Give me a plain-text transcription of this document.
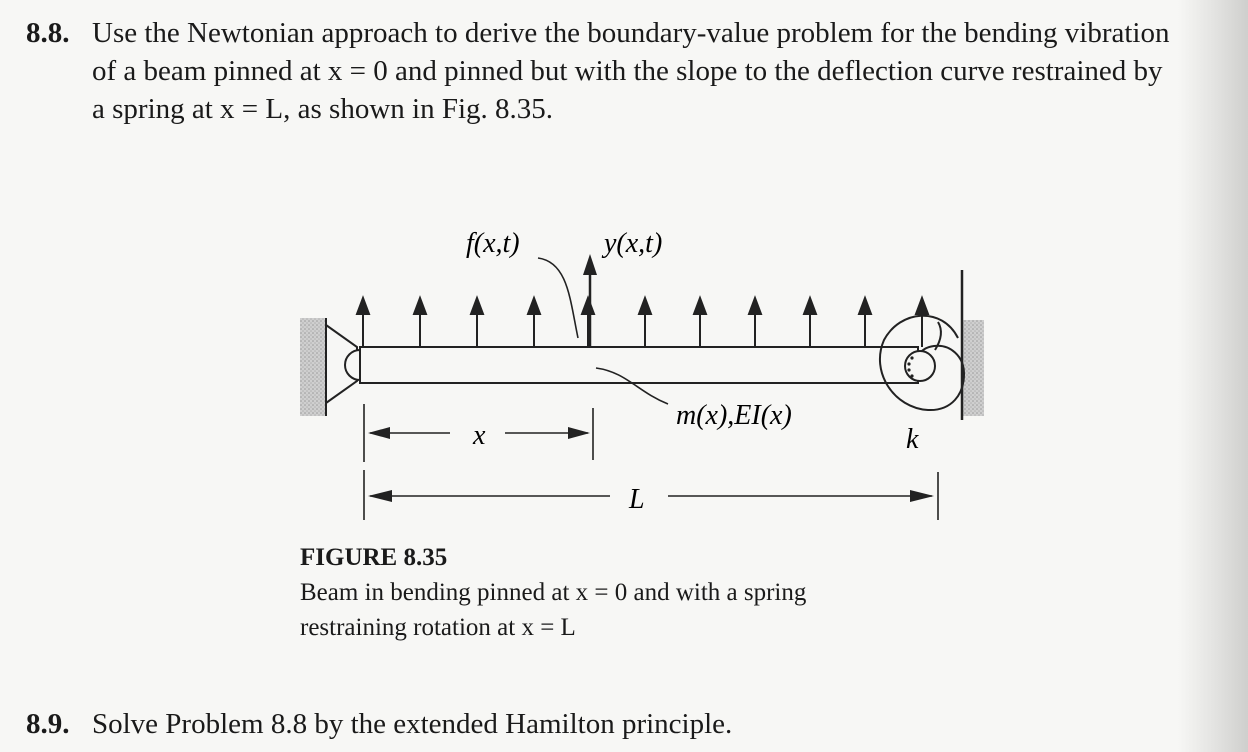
8.8. Use the Newtonian approach to derive the boundary-value problem for the bending vibration
of a beam pinned at x = 0 and pinned but with the slope to the deflection curve restrained by
a spring at x = L, as shown in Fig. 8.35.
f(x,t)	y(x,t)
m(x),EI(x)
x
L
k
FIGURE 8.35
Beam in bending pinned at x = 0 and with a spring
restraining rotation at x = L
8.9. Solve Problem 8.8 by the extended Hamilton principle.
